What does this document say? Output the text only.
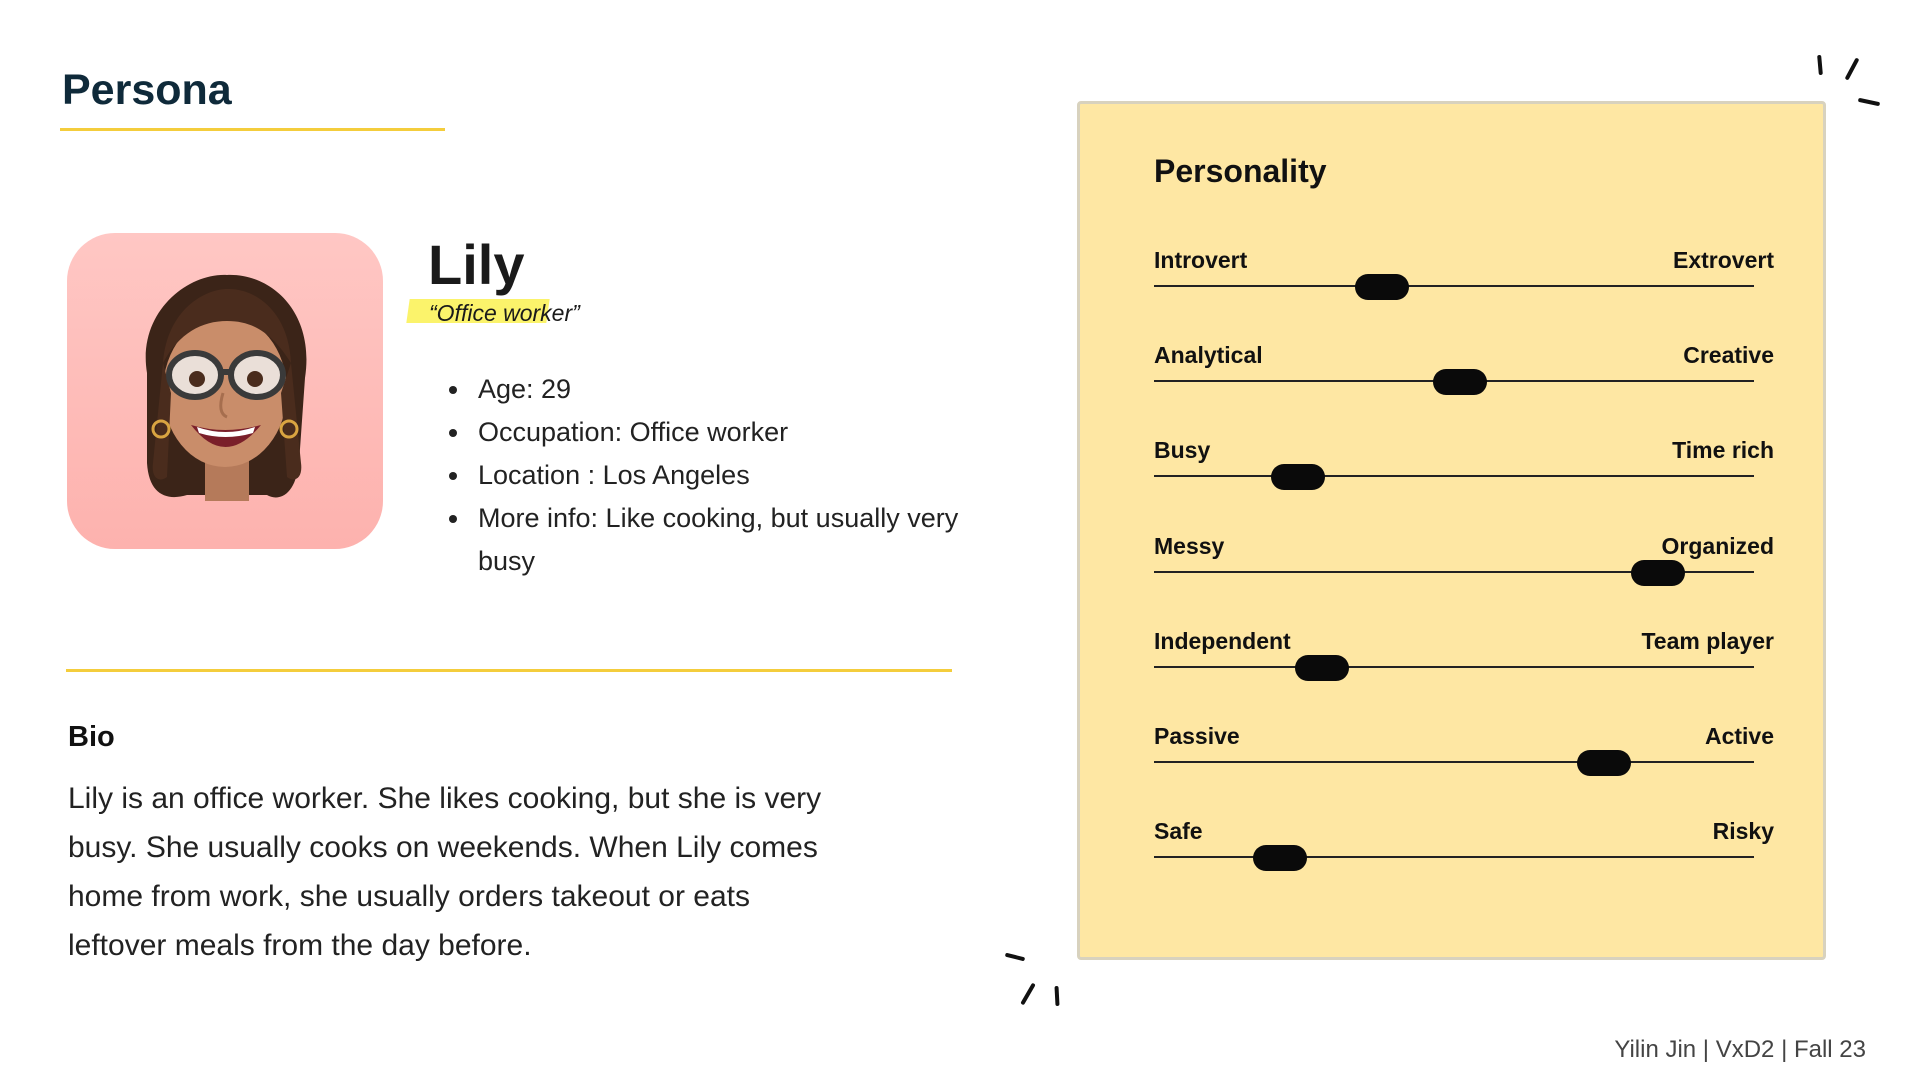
Persona
Lily

“Office worker”

• Age: 29
• Occupation: Office worker
• Location : Los Angeles
• More info: Like cooking, but usually very busy
Bio

Lily is an office worker. She likes cooking, but she is very busy. She usually cooks on weekends. When Lily comes home from work, she usually orders takeout or eats leftover meals from the day before.

Personality
Introvert	Extrovert
Analytical	Creative
Busy	Time rich
Messy	Organized
Independent	Team player
Passive	Active
Safe	Risky

Yilin Jin | VxD2 | Fall 23
